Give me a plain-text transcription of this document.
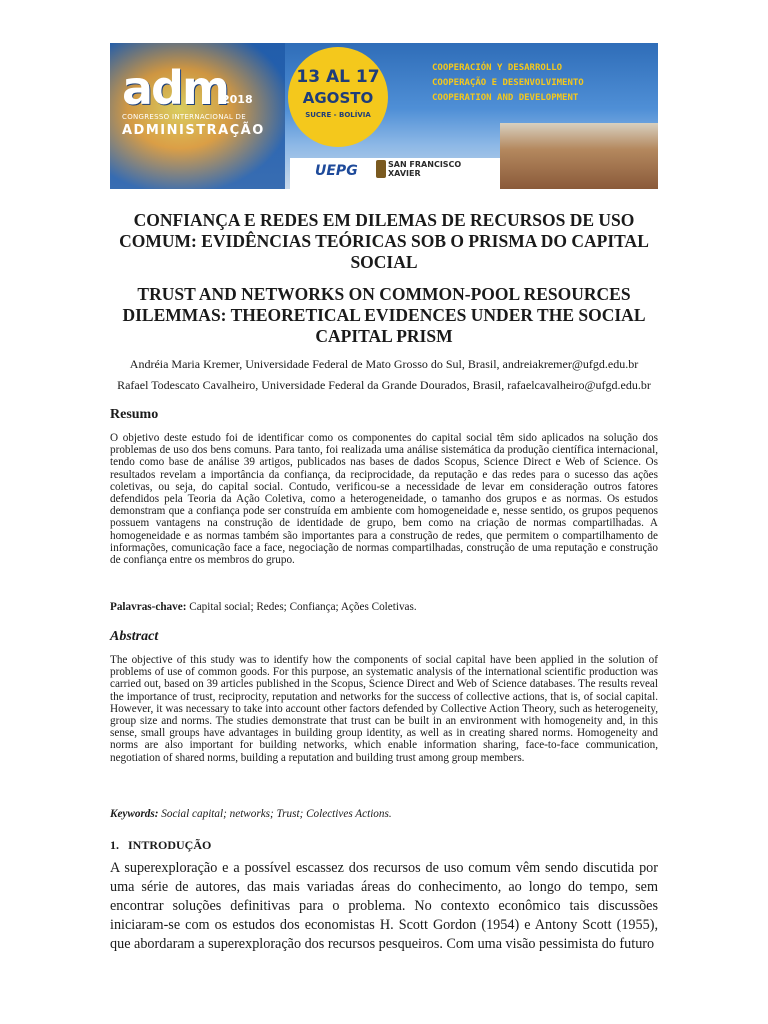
adm
2018
CONGRESSO INTERNACIONAL DE
ADMINISTRAÇÃO
13 AL 17
AGOSTO
SUCRE - BOLÍVIA
COOPERACIÓN Y DESARROLLO
COOPERAÇÃO E DESENVOLVIMENTO
COOPERATION AND DEVELOPMENT
UEPG	SAN FRANCISCO
XAVIER
CONFIANÇA E REDES EM DILEMAS DE RECURSOS DE USO
COMUM: EVIDÊNCIAS TEÓRICAS SOB O PRISMA DO CAPITAL
SOCIAL
TRUST AND NETWORKS ON COMMON-POOL RESOURCES
DILEMMAS: THEORETICAL EVIDENCES UNDER THE SOCIAL
CAPITAL PRISM

Andréia Maria Kremer, Universidade Federal de Mato Grosso do Sul, Brasil, andreiakremer@ufgd.edu.br

Rafael Todescato Cavalheiro, Universidade Federal da Grande Dourados, Brasil, rafaelcavalheiro@ufgd.edu.br

Resumo

O objetivo deste estudo foi de identificar como os componentes do capital social têm sido aplicados na solução dos problemas de uso dos bens comuns. Para tanto, foi realizada uma análise sistemática da produção científica internacional, tendo como base de análise 39 artigos, publicados nas bases de dados Scopus, Science Direct e Web of Science. Os resultados revelam a importância da confiança, da reciprocidade, da reputação e das redes para o sucesso das ações coletivas, ou seja, do capital social. Contudo, verificou-se a necessidade de levar em consideração outros fatores defendidos pela Teoria da Ação Coletiva, como a heterogeneidade, o tamanho dos grupos e as normas. Os estudos demonstram que a confiança pode ser construída em ambiente com homogeneidade e, nesse sentido, os grupos pequenos possuem vantagens na construção de identidade de grupo, bem como na criação de normas compartilhadas. A homogeneidade e as normas também são importantes para a construção de redes, que permitem o compartilhamento de informações, comunicação face a face, negociação de normas compartilhadas, construção de uma reputação e construção de confiança entre os membros do grupo.

Palavras-chave: Capital social; Redes; Confiança; Ações Coletivas.

Abstract

The objective of this study was to identify how the components of social capital have been applied in the solution of problems of use of common goods. For this purpose, an systematic analysis of the international scientific production was carried out, based on 39 articles published in the Scopus, Science Direct and Web of Science databases. The results reveal the importance of trust, reciprocity, reputation and networks for the success of collective actions, that is, of social capital. However, it was necessary to take into account other factors defended by Collective Action Theory, such as heterogeneity, group size and norms. The studies demonstrate that trust can be built in an environment with homogeneity and, in this sense, small groups have advantages in building group identity, as well as in creating shared norms. Homogeneity and norms are also important for building networks, which enable information sharing, face-to-face communication, negotiation of shared norms, building a reputation and building trust among group members.

Keywords: Social capital; networks; Trust; Colectives Actions.

1. INTRODUÇÃO

A superexploração e a possível escassez dos recursos de uso comum vêm sendo discutida por uma série de autores, das mais variadas áreas do conhecimento, ao longo do tempo, sem encontrar soluções definitivas para o problema. No contexto econômico tais discussões iniciaram-se com os estudos dos economistas H. Scott Gordon (1954) e Antony Scott (1955), que abordaram a superexploração dos recursos pesqueiros. Com uma visão pessimista do futuro
